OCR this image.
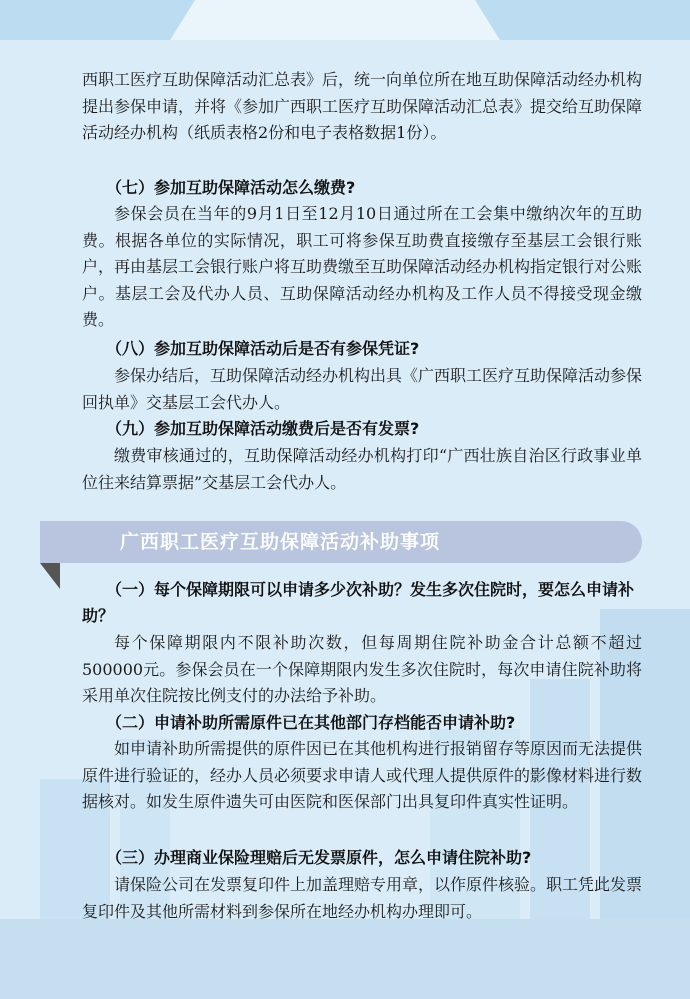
西职工医疗互助保障活动汇总表》后，统一向单位所在地互助保障活动经办机构提出参保申请，并将《参加广西职工医疗互助保障活动汇总表》提交给互助保障活动经办机构（纸质表格2份和电子表格数据1份）。

（七）参加互助保障活动怎么缴费?

参保会员在当年的9月1日至12月10日通过所在工会集中缴纳次年的互助费。根据各单位的实际情况，职工可将参保互助费直接缴存至基层工会银行账户，再由基层工会银行账户将互助费缴至互助保障活动经办机构指定银行对公账户。基层工会及代办人员、互助保障活动经办机构及工作人员不得接受现金缴费。

（八）参加互助保障活动后是否有参保凭证?

参保办结后，互助保障活动经办机构出具《广西职工医疗互助保障活动参保回执单》交基层工会代办人。

（九）参加互助保障活动缴费后是否有发票?

缴费审核通过的，互助保障活动经办机构打印“广西壮族自治区行政事业单位往来结算票据”交基层工会代办人。

广西职工医疗互助保障活动补助事项

（一）每个保障期限可以申请多少次补助？发生多次住院时，要怎么申请补助？

每个保障期限内不限补助次数，但每周期住院补助金合计总额不超过500000元。参保会员在一个保障期限内发生多次住院时，每次申请住院补助将采用单次住院按比例支付的办法给予补助。

（二）申请补助所需原件已在其他部门存档能否申请补助?

如申请补助所需提供的原件因已在其他机构进行报销留存等原因而无法提供原件进行验证的，经办人员必须要求申请人或代理人提供原件的影像材料进行数据核对。如发生原件遗失可由医院和医保部门出具复印件真实性证明。

（三）办理商业保险理赔后无发票原件，怎么申请住院补助?

请保险公司在发票复印件上加盖理赔专用章，以作原件核验。职工凭此发票复印件及其他所需材料到参保所在地经办机构办理即可。
